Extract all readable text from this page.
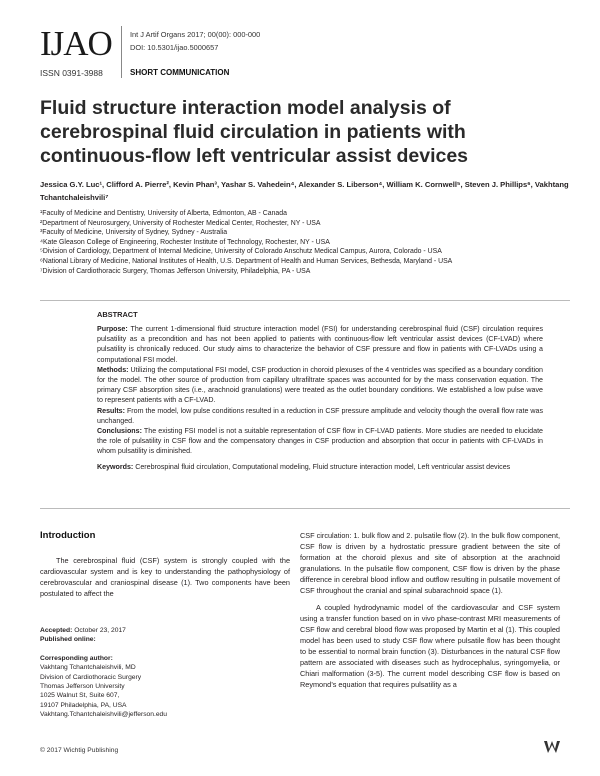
IJAO
ISSN 0391-3988
Int J Artif Organs 2017; 00(00): 000-000
DOI: 10.5301/ijao.5000657
SHORT COMMUNICATION
Fluid structure interaction model analysis of cerebrospinal fluid circulation in patients with continuous-flow left ventricular assist devices
Jessica G.Y. Luc¹, Clifford A. Pierre², Kevin Phan³, Yashar S. Vahedein⁴, Alexander S. Liberson⁴, William K. Cornwell⁵, Steven J. Phillips⁶, Vakhtang Tchantchaleishvili⁷
¹Faculty of Medicine and Dentistry, University of Alberta, Edmonton, AB - Canada
²Department of Neurosurgery, University of Rochester Medical Center, Rochester, NY - USA
³Faculty of Medicine, University of Sydney, Sydney - Australia
⁴Kate Gleason College of Engineering, Rochester Institute of Technology, Rochester, NY - USA
⁵Division of Cardiology, Department of Internal Medicine, University of Colorado Anschutz Medical Campus, Aurora, Colorado - USA
⁶National Library of Medicine, National Institutes of Health, U.S. Department of Health and Human Services, Bethesda, Maryland - USA
⁷Division of Cardiothoracic Surgery, Thomas Jefferson University, Philadelphia, PA - USA
ABSTRACT

Purpose: The current 1-dimensional fluid structure interaction model (FSI) for understanding cerebrospinal fluid (CSF) circulation requires pulsatility as a precondition and has not been applied to patients with continuous-flow left ventricular assist devices (CF-LVAD) where pulsatility is chronically reduced. Our study aims to characterize the behavior of CSF pressure and flow in patients with CF-LVADs using a computational FSI model.

Methods: Utilizing the computational FSI model, CSF production in choroid plexuses of the 4 ventricles was specified as a boundary condition for the model. The other source of production from capillary ultrafiltrate spaces was accounted for by the mass conservation equation. The primary CSF absorption sites (i.e., arachnoid granulations) were treated as the outlet boundary conditions. We established a low pulse wave to represent patients with a CF-LVAD.

Results: From the model, low pulse conditions resulted in a reduction in CSF pressure amplitude and velocity though the overall flow rate was unchanged.

Conclusions: The existing FSI model is not a suitable representation of CSF flow in CF-LVAD patients. More studies are needed to elucidate the role of pulsatility in CSF flow and the compensatory changes in CSF production and absorption that occur in patients with CF-LVADs in whom pulsatility is diminished.

Keywords: Cerebrospinal fluid circulation, Computational modeling, Fluid structure interaction model, Left ventricular assist devices

Introduction

The cerebrospinal fluid (CSF) system is strongly coupled with the cardiovascular system and is key to understanding the pathophysiology of cerebrovascular and craniospinal disease (1). Two components have been postulated to affect the

CSF circulation: 1. bulk flow and 2. pulsatile flow (2). In the bulk flow component, CSF flow is driven by a hydrostatic pressure gradient between the site of formation at the choroid plexus and site of absorption at the arachnoid granulations. In the pulsatile flow component, CSF flow is driven by the phase difference in cerebral blood inflow and outflow resulting in pulsatile movement of CSF throughout the cranial and spinal subarachnoid space (1).

A coupled hydrodynamic model of the cardiovascular and CSF system using a transfer function based on in vivo phase-contrast MRI measurements of CSF flow and cerebral blood flow was proposed by Martin et al (1). This coupled model has been used to study CSF flow where pulsatile flow has been thought to be essential to normal brain function (3). Disturbances in the natural CSF flow pattern are associated with diseases such as hydrocephalus, syringomyelia, or Chiari malformation (3-5). The current model describing CSF flow is based on Reymond’s equation that requires pulsatility as a

Accepted: October 23, 2017
Published online:
Corresponding author:
Vakhtang Tchantchaleishvili, MD
Division of Cardiothoracic Surgery
Thomas Jefferson University
1025 Walnut St, Suite 607,
19107 Philadelphia, PA, USA
Vakhtang.Tchantchaleishvili@jefferson.edu
© 2017 Wichtig Publishing
